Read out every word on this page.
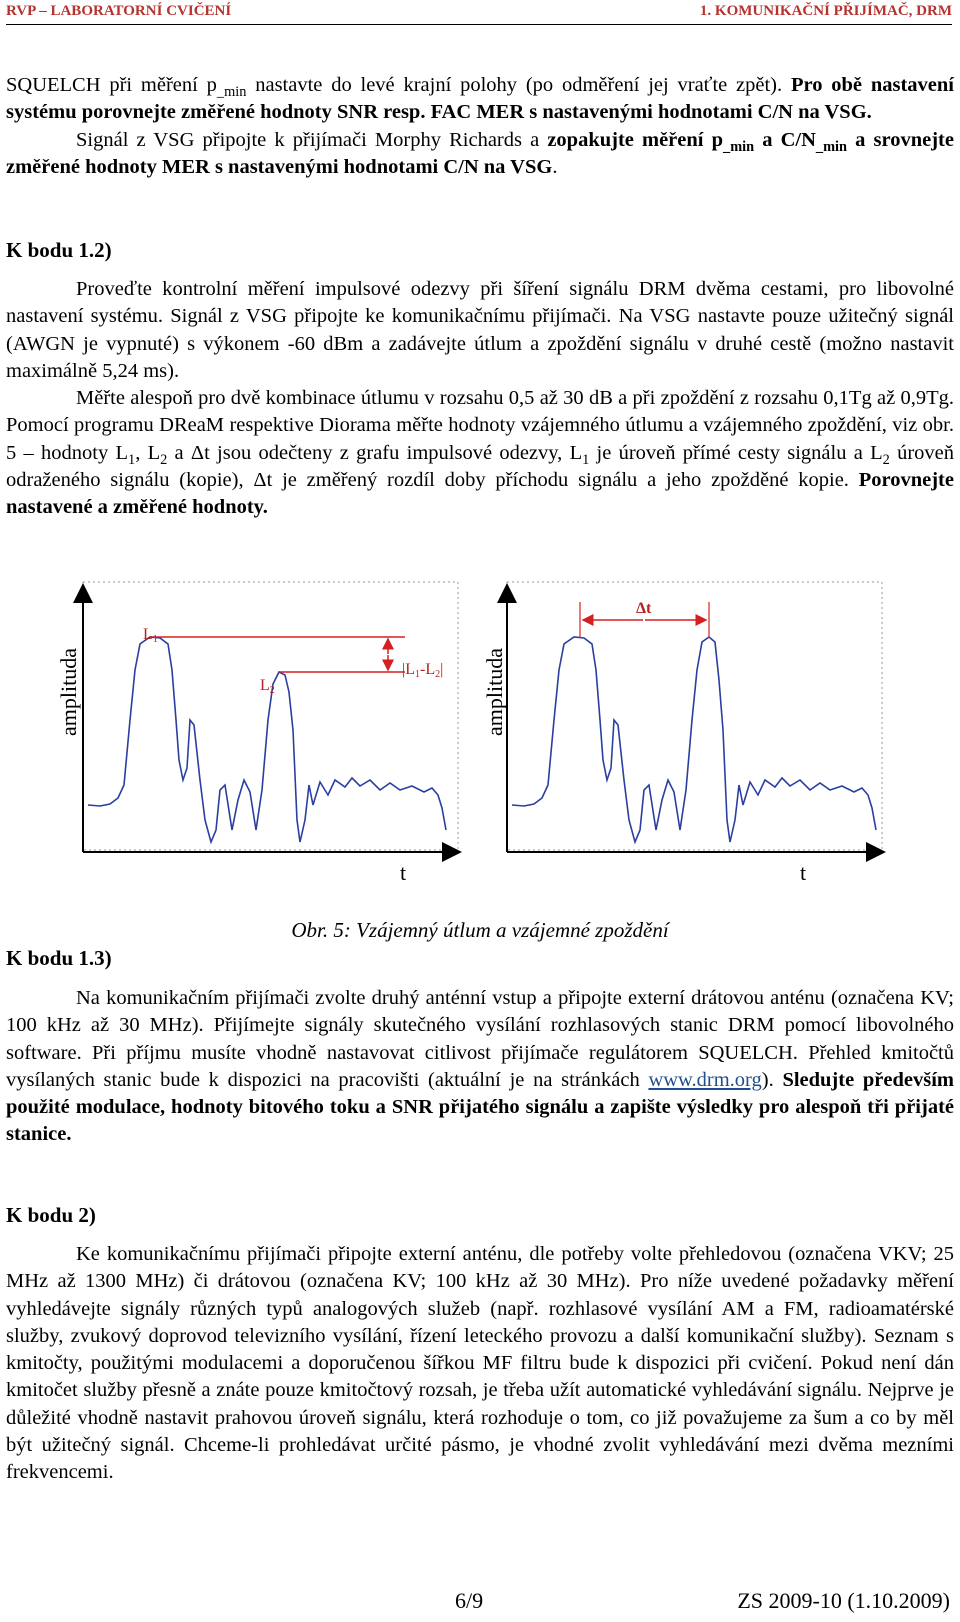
RVP – LABORATORNÍ CVIČENÍ	1. KOMUNIKAČNÍ PŘIJÍMAČ, DRM

SQUELCH při měření $p_{\_min}$ nastavte do levé krajní polohy (po odměření jej vraťte zpět). Pro obě nastavení systému porovnejte změřené hodnoty SNR resp. FAC MER s nastavenými hodnotami C/N na VSG.

Signál z VSG připojte k přijímači Morphy Richards a zopakujte měření $p_{\_min}$ a $C/N_{\_min}$ a srovnejte změřené hodnoty MER s nastavenými hodnotami C/N na VSG.

K bodu 1.2)

Proveďte kontrolní měření impulsové odezvy při šíření signálu DRM dvěma cestami, pro libovolné nastavení systému. Signál z VSG připojte ke komunikačnímu přijímači. Na VSG nastavte pouze užitečný signál (AWGN je vypnuté) s výkonem -60 dBm a zadávejte útlum a zpoždění signálu v druhé cestě (možno nastavit maximálně 5,24 ms).

Měřte alespoň pro dvě kombinace útlumu v rozsahu 0,5 až 30 dB a při zpoždění z rozsahu 0,1Tg až 0,9Tg. Pomocí programu DReaM respektive Diorama měřte hodnoty vzájemného útlumu a vzájemného zpoždění, viz obr. 5 – hodnoty $L_1$, $L_2$ a Δt jsou odečteny z grafu impulsové odezvy, $L_1$ je úroveň přímé cesty signálu a $L_2$ úroveň odraženého signálu (kopie), Δt je změřený rozdíl doby příchodu signálu a jeho zpožděné kopie. Porovnejte nastavené a změřené hodnoty.

amplituda
t
L1
L2
|L1-L2| amplituda
t
Δt
Obr. 5: Vzájemný útlum a vzájemné zpoždění
K bodu 1.3)

Na komunikačním přijímači zvolte druhý anténní vstup a připojte externí drátovou anténu (označena KV; 100 kHz až 30 MHz). Přijímejte signály skutečného vysílání rozhlasových stanic DRM pomocí libovolného software. Při příjmu musíte vhodně nastavovat citlivost přijímače regulátorem SQUELCH. Přehled kmitočtů vysílaných stanic bude k dispozici na pracovišti (aktuální je na stránkách www.drm.org). Sledujte především použité modulace, hodnoty bitového toku a SNR přijatého signálu a zapište výsledky pro alespoň tři přijaté stanice.

K bodu 2)

Ke komunikačnímu přijímači připojte externí anténu, dle potřeby volte přehledovou (označena VKV; 25 MHz až 1300 MHz) či drátovou (označena KV; 100 kHz až 30 MHz). Pro níže uvedené požadavky měření vyhledávejte signály různých typů analogových služeb (např. rozhlasové vysílání AM a FM, radioamatérské služby, zvukový doprovod televizního vysílání, řízení leteckého provozu a další komunikační služby). Seznam s kmitočty, použitými modulacemi a doporučenou šířkou MF filtru bude k dispozici při cvičení. Pokud není dán kmitočet služby přesně a znáte pouze kmitočtový rozsah, je třeba užít automatické vyhledávání signálu. Nejprve je důležité vhodně nastavit prahovou úroveň signálu, která rozhoduje o tom, co již považujeme za šum a co by měl být užitečný signál. Chceme-li prohledávat určité pásmo, je vhodné zvolit vyhledávání mezi dvěma mezními frekvencemi.

6/9	ZS 2009-10 (1.10.2009)
